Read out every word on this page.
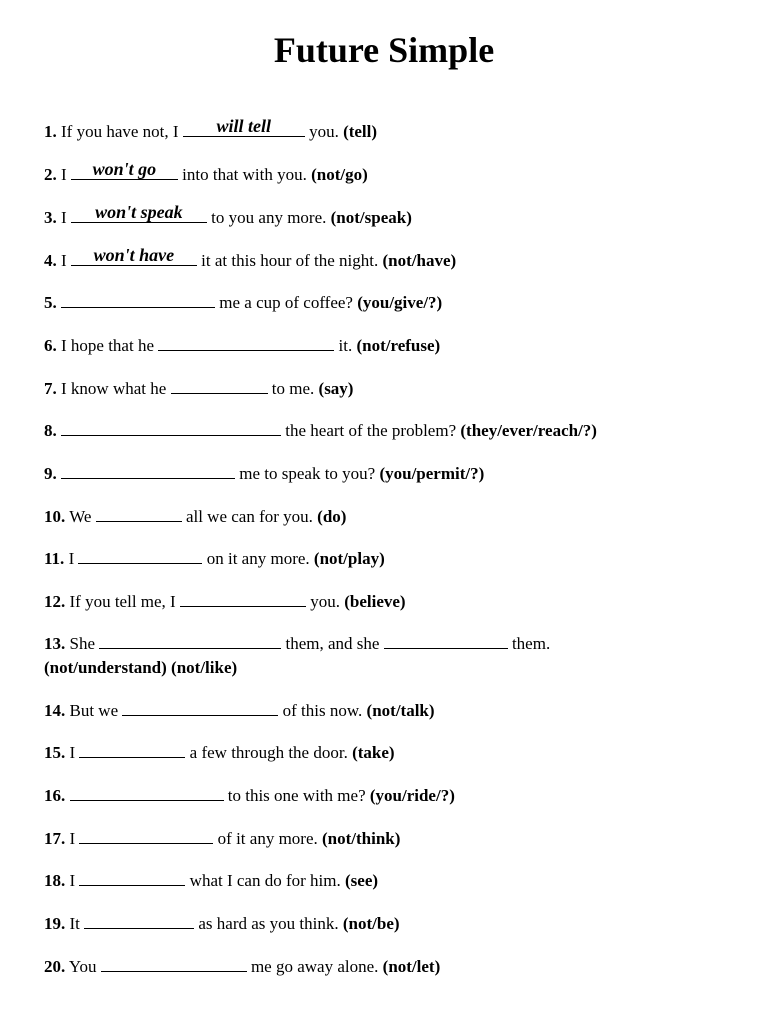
Future Simple
1. If you have not, I	will tell	you. (tell)
2. I	won't go	into that with you. (not/go)
3. I	won't speak	to you any more. (not/speak)
4. I	won't have	it at this hour of the night. (not/have)
5.	me a cup of coffee? (you/give/?)
6. I hope that he	it. (not/refuse)
7. I know what he	to me. (say)
8.	the heart of the problem? (they/ever/reach/?)
9.	me to speak to you? (you/permit/?)
10. We	all we can for you. (do)
11. I	on it any more. (not/play)
12. If you tell me, I	you. (believe)
13. She	them, and she	them.
(not/understand) (not/like)
14. But we	of this now. (not/talk)
15. I	a few through the door. (take)
16.	to this one with me? (you/ride/?)
17. I	of it any more. (not/think)
18. I	what I can do for him. (see)
19. It	as hard as you think. (not/be)
20. You	me go away alone. (not/let)
